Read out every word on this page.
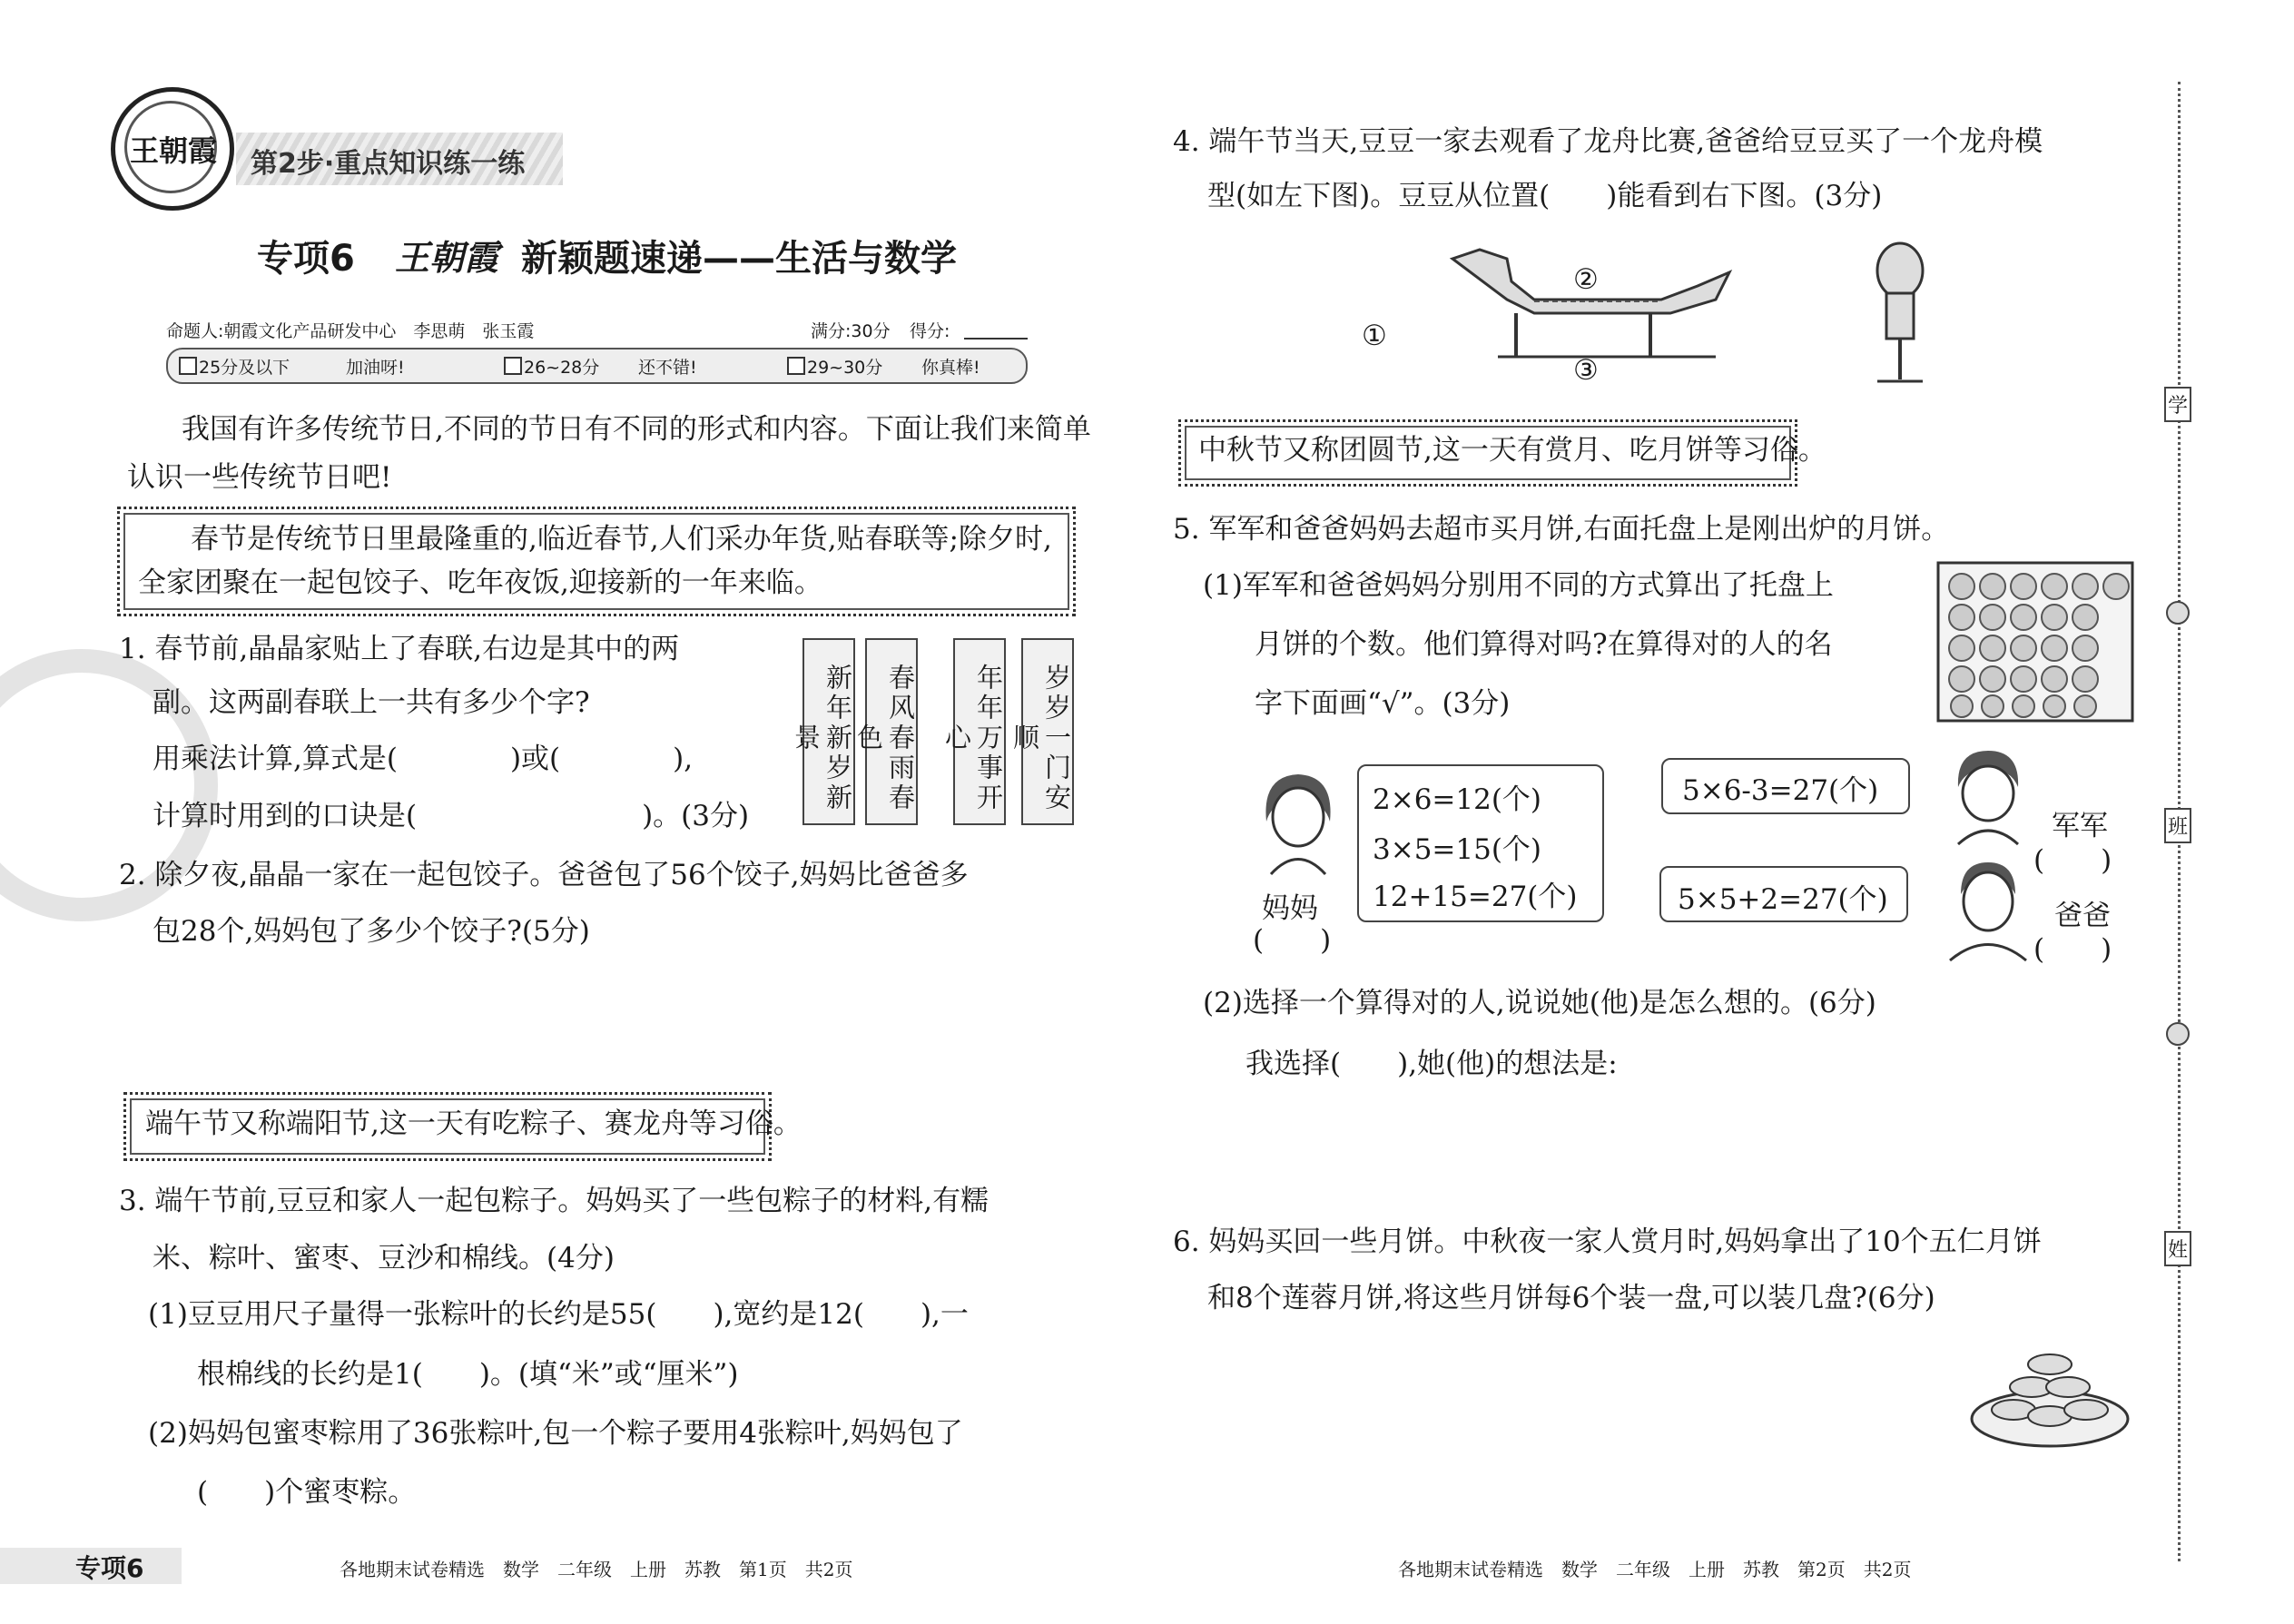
王朝霞 第2步·重点知识练一练
专项6 王朝霞 新颖题速递——生活与数学
命题人:朝霞文化产品研发中心　李思萌　张玉霞	满分:30分 得分:
25分及以下	加油呀!	26~28分 还不错!	29~30分 你真棒!
我国有许多传统节日,不同的节日有不同的形式和内容。下面让我们来简单
认识一些传统节日吧!
春节是传统节日里最隆重的,临近春节,人们采办年货,贴春联等;除夕时,
全家团聚在一起包饺子、吃年夜饭,迎接新的一年来临。
1. 春节前,晶晶家贴上了春联,右边是其中的两
副。这两副春联上一共有多少个字?
用乘法计算,算式是(　　　　)或(　　　　),
计算时用到的口诀是(　　　　　　　　)。(3分)
新年新岁新景	春风春雨春色	年年万事开心	岁岁一门安顺
2. 除夕夜,晶晶一家在一起包饺子。爸爸包了56个饺子,妈妈比爸爸多
包28个,妈妈包了多少个饺子?(5分)
端午节又称端阳节,这一天有吃粽子、赛龙舟等习俗。
3. 端午节前,豆豆和家人一起包粽子。妈妈买了一些包粽子的材料,有糯
米、粽叶、蜜枣、豆沙和棉线。(4分)
(1)豆豆用尺子量得一张粽叶的长约是55(　　),宽约是12(　　),一
根棉线的长约是1(　　)。(填“米”或“厘米”)
(2)妈妈包蜜枣粽用了36张粽叶,包一个粽子要用4张粽叶,妈妈包了
(　　)个蜜枣粽。
专项6	各地期末试卷精选　数学　二年级　上册　苏教　第1页　共2页
4. 端午节当天,豆豆一家去观看了龙舟比赛,爸爸给豆豆买了一个龙舟模
型(如左下图)。豆豆从位置(　　)能看到右下图。(3分)
①
②
③
中秋节又称团圆节,这一天有赏月、吃月饼等习俗。
5. 军军和爸爸妈妈去超市买月饼,右面托盘上是刚出炉的月饼。
(1)军军和爸爸妈妈分别用不同的方式算出了托盘上
月饼的个数。他们算得对吗?在算得对的人的名
字下面画“√”。(3分)
妈妈
(　　)
2×6=12(个)
3×5=15(个)
12+15=27(个)
5×6-3=27(个)
军军
(　　)
5×5+2=27(个)	爸爸
(　　)
(2)选择一个算得对的人,说说她(他)是怎么想的。(6分)
我选择(　　),她(他)的想法是:
6. 妈妈买回一些月饼。中秋夜一家人赏月时,妈妈拿出了10个五仁月饼
和8个莲蓉月饼,将这些月饼每6个装一盘,可以装几盘?(6分)
各地期末试卷精选　数学　二年级　上册　苏教　第2页　共2页
学
班
姓
